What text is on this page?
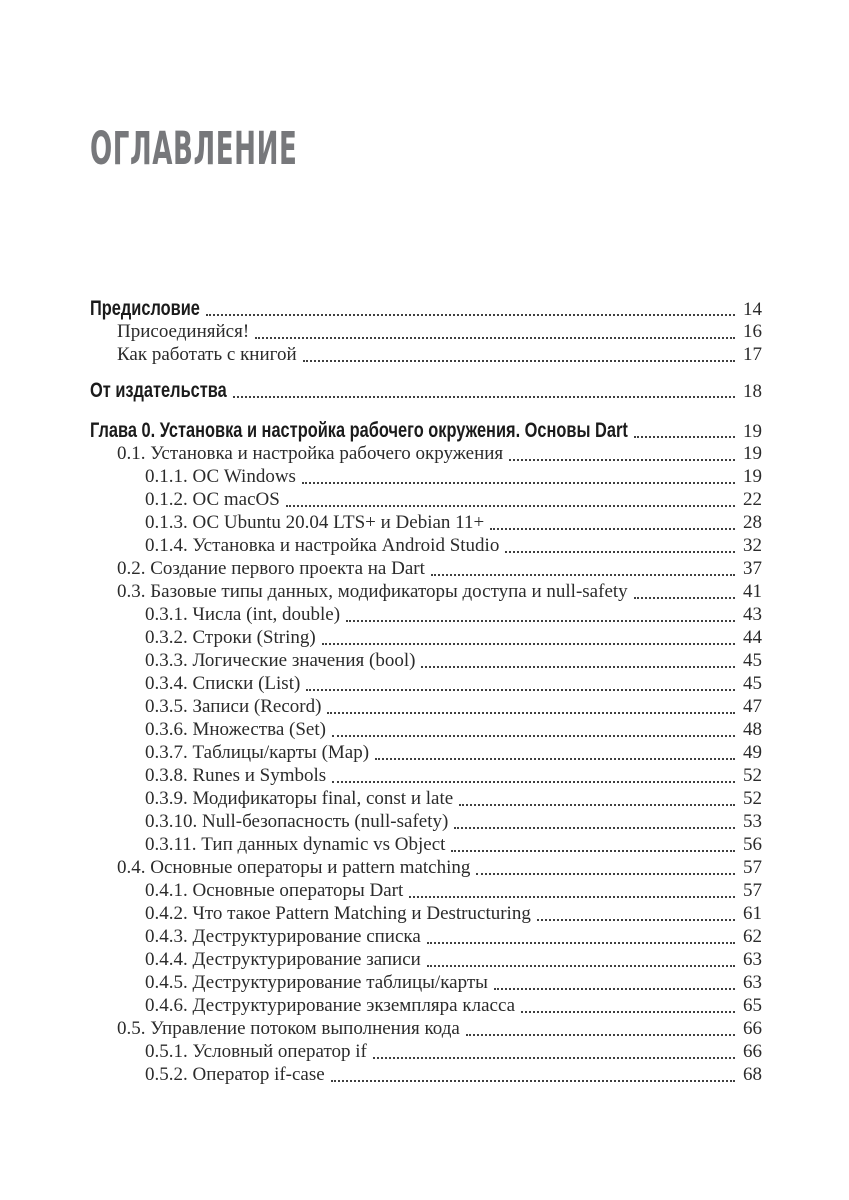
ОГЛАВЛЕНИЕ
Предисловие	14
Присоединяйся!	16
Как работать с книгой	17
От издательства	18
Глава 0. Установка и настройка рабочего окружения. Основы Dart	19
0.1. Установка и настройка рабочего окружения	19
0.1.1. ОС Windows	19
0.1.2. ОС macOS	22
0.1.3. ОС Ubuntu 20.04 LTS+ и Debian 11+	28
0.1.4. Установка и настройка Android Studio	32
0.2. Создание первого проекта на Dart	37
0.3. Базовые типы данных, модификаторы доступа и null-safety	41
0.3.1. Числа (int, double)	43
0.3.2. Строки (String)	44
0.3.3. Логические значения (bool)	45
0.3.4. Списки (List)	45
0.3.5. Записи (Record)	47
0.3.6. Множества (Set)	48
0.3.7. Таблицы/карты (Map)	49
0.3.8. Runes и Symbols	52
0.3.9. Модификаторы final, const и late	52
0.3.10. Null-безопасность (null-safety)	53
0.3.11. Тип данных dynamic vs Object	56
0.4. Основные операторы и pattern matching	57
0.4.1. Основные операторы Dart	57
0.4.2. Что такое Pattern Matching и Destructuring	61
0.4.3. Деструктурирование списка	62
0.4.4. Деструктурирование записи	63
0.4.5. Деструктурирование таблицы/карты	63
0.4.6. Деструктурирование экземпляра класса	65
0.5. Управление потоком выполнения кода	66
0.5.1. Условный оператор if	66
0.5.2. Оператор if-case	68
